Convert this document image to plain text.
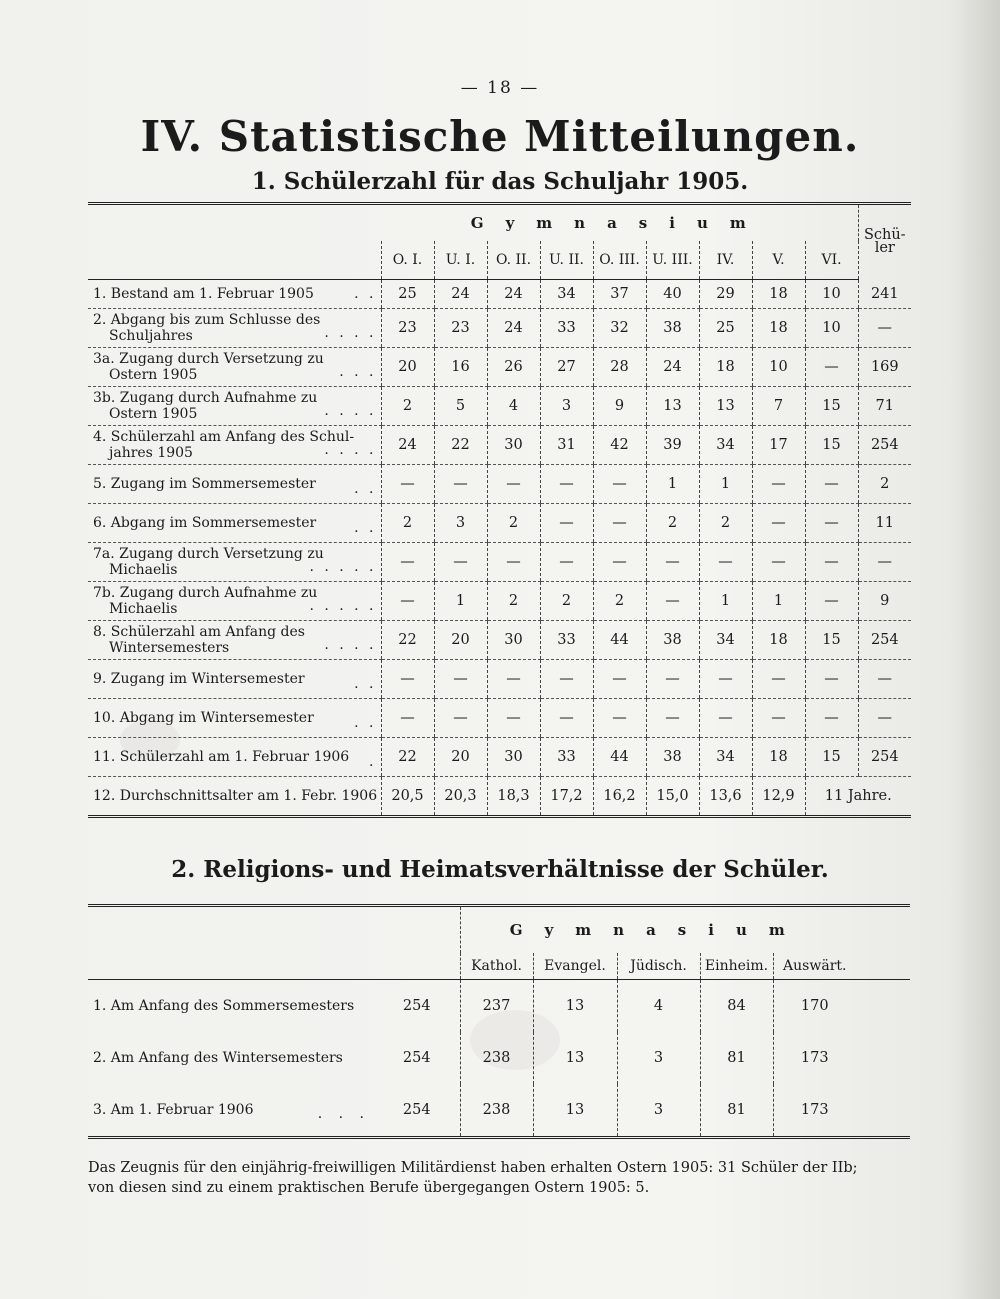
— 18 —
IV. Statistische Mitteilungen.
1. Schülerzahl für das Schuljahr 1905.

	Gymnasium									Schü-
ler

	O. I.	U. I.	O. II.	U. II.	O. III.	U. III.	IV.	V.	VI.	

1. Bestand am 1. Februar 1905 . .	25	24	24	34	37	40	29	18	10	241

2. Abgang bis zum Schlusse des
Schuljahres . . . .	23	23	24	33	32	38	25	18	10	—

3a. Zugang durch Versetzung zu
Ostern 1905 . . .	20	16	26	27	28	24	18	10	—	169

3b. Zugang durch Aufnahme zu
Ostern 1905 . . . .	2	5	4	3	9	13	13	7	15	71

4. Schülerzahl am Anfang des Schul-
jahres 1905 . . . .	24	22	30	31	42	39	34	17	15	254

5. Zugang im Sommersemester . .	—	—	—	—	—	1	1	—	—	2

6. Abgang im Sommersemester . .	2	3	2	—	—	2	2	—	—	11

7a. Zugang durch Versetzung zu
Michaelis . . . . .	—	—	—	—	—	—	—	—	—	—

7b. Zugang durch Aufnahme zu
Michaelis . . . . .	—	1	2	2	2	—	1	1	—	9

8. Schülerzahl am Anfang des
Wintersemesters . . . .	22	20	30	33	44	38	34	18	15	254

9. Zugang im Wintersemester . .	—	—	—	—	—	—	—	—	—	—

10. Abgang im Wintersemester . .	—	—	—	—	—	—	—	—	—	—

11. Schülerzahl am 1. Februar 1906 .	22	20	30	33	44	38	34	18	15	254

12. Durchschnittsalter am 1. Febr. 1906	20,5	20,3	18,3	17,2	16,2	15,0	13,6	12,9	11 Jahre.	
2. Religions- und Heimatsverhältnisse der Schüler.

		Gymnasium					

		Kathol.	Evangel.	Jüdisch.	Einheim.	Auswärt.	
1. Am Anfang des Sommersemesters	254	237	13	4	84	170	
2. Am Anfang des Wintersemesters	254	238	13	3	81	173	
3. Am 1. Februar 1906 . . .	254	238	13	3	81	173	
Das Zeugnis für den einjährig-freiwilligen Militärdienst haben erhalten Ostern 1905: 31 Schüler der IIb;
von diesen sind zu einem praktischen Berufe übergegangen Ostern 1905: 5.
